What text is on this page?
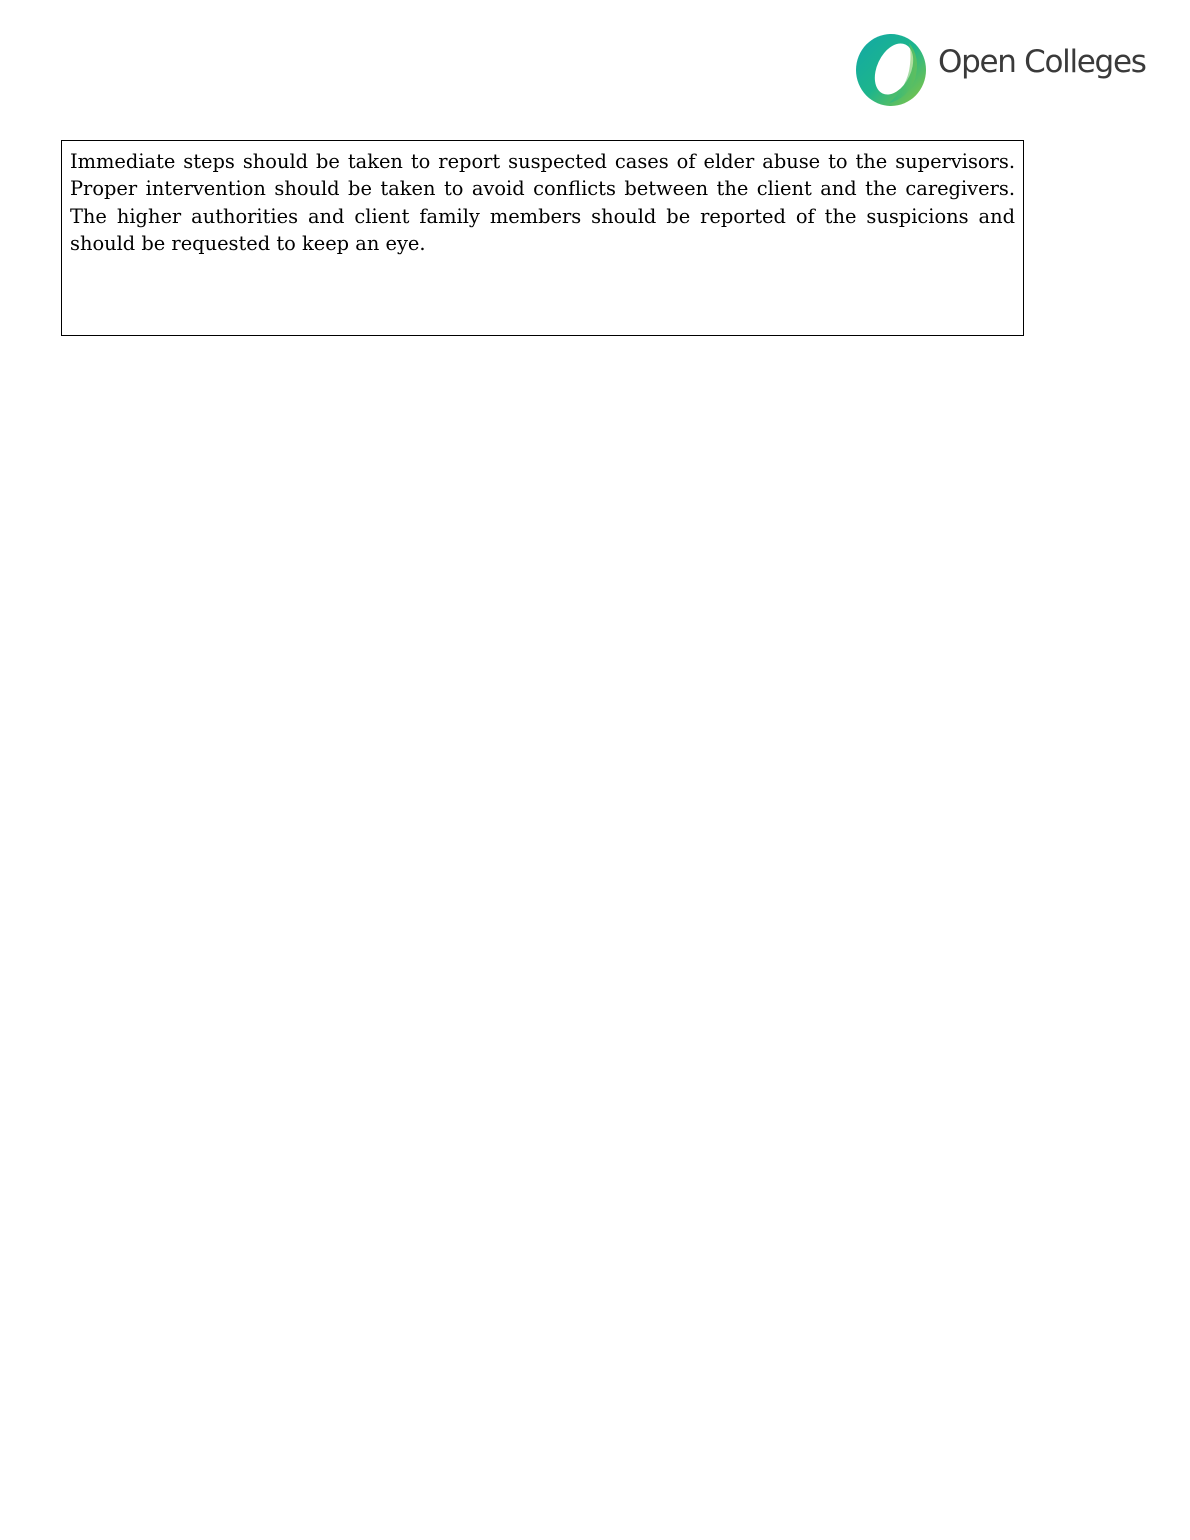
Open Colleges

Immediate steps should be taken to report suspected cases of elder abuse to the supervisors. Proper intervention should be taken to avoid conflicts between the client and the caregivers. The higher authorities and client family members should be reported of the suspicions and should be requested to keep an eye.
